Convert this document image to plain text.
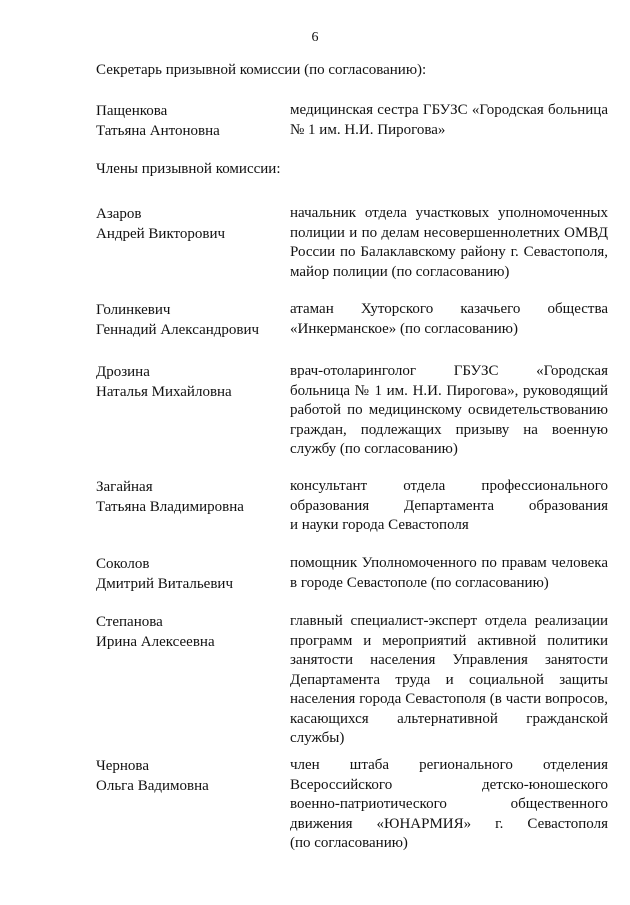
6
Секретарь призывной комиссии (по согласованию):
Пащенкова
Татьяна Антоновна
медицинская сестра ГБУЗС «Городская больница
№ 1 им. Н.И. Пирогова»
Члены призывной комиссии:
Азаров
Андрей Викторович
начальник отдела участковых уполномоченных
полиции и по делам несовершеннолетних ОМВД
России по Балаклавскому району г. Севастополя,
майор полиции (по согласованию)
Голинкевич
Геннадий Александрович
атаман Хуторского казачьего общества
«Инкерманское» (по согласованию)
Дрозина
Наталья Михайловна
врач-отоларинголог ГБУЗС «Городская
больница № 1 им. Н.И. Пирогова», руководящий
работой по медицинскому освидетельствованию
граждан, подлежащих призыву на военную
службу (по согласованию)
Загайная
Татьяна Владимировна
консультант отдела профессионального
образования Департамента образования
и науки города Севастополя
Соколов
Дмитрий Витальевич
помощник Уполномоченного по правам человека
в городе Севастополе (по согласованию)
Степанова
Ирина Алексеевна
главный специалист-эксперт отдела реализации
программ и мероприятий активной политики
занятости населения Управления занятости
Департамента труда и социальной защиты
населения города Севастополя (в части вопросов,
касающихся альтернативной гражданской
службы)
Чернова
Ольга Вадимовна
член штаба регионального отделения
Всероссийского детско-юношеского
военно-патриотического общественного
движения «ЮНАРМИЯ» г. Севастополя
(по согласованию)
